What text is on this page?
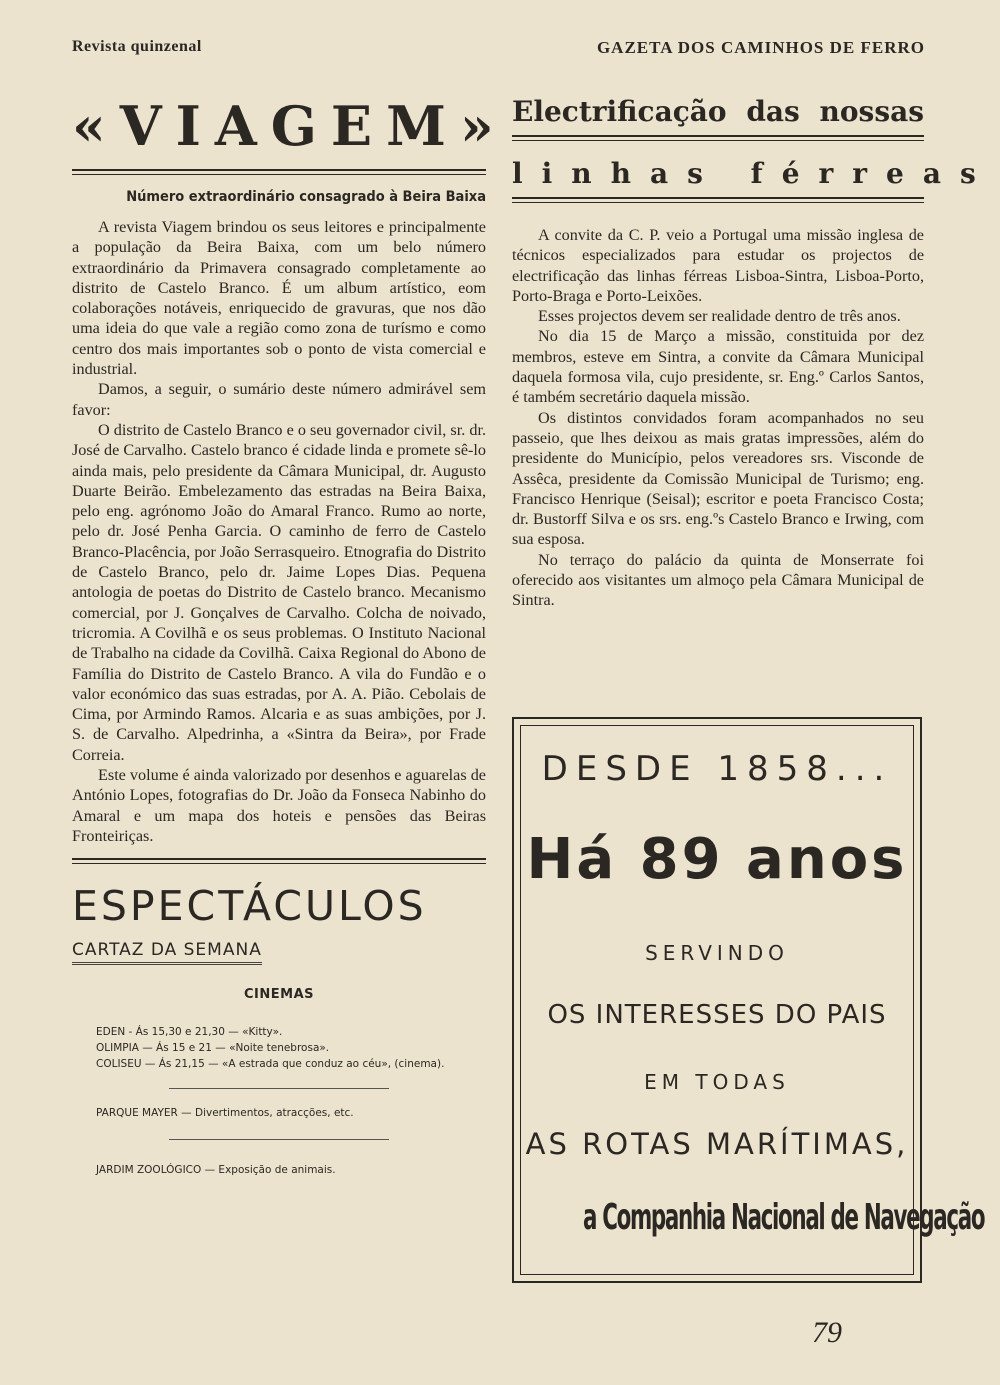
Revista quinzenal	GAZETA DOS CAMINHOS DE FERRO
«VIAGEM»
Número extraordinário consagrado à Beira Baixa

A revista Viagem brindou os seus leitores e principalmente a população da Beira Baixa, com um belo número extraordinário da Primavera consagrado completamente ao distrito de Castelo Branco. É um album artístico, eom colaborações notáveis, enriquecido de gravuras, que nos dão uma ideia do que vale a região como zona de turísmo e como centro dos mais importantes sob o ponto de vista comercial e industrial.

Damos, a seguir, o sumário deste número admirável sem favor:

O distrito de Castelo Branco e o seu governador civil, sr. dr. José de Carvalho. Castelo branco é cidade linda e promete sê-lo ainda mais, pelo presidente da Câmara Municipal, dr. Augusto Duarte Beirão. Embelezamento das estradas na Beira Baixa, pelo eng. agrónomo João do Amaral Franco. Rumo ao norte, pelo dr. José Penha Garcia. O caminho de ferro de Castelo Branco-Placência, por João Serrasqueiro. Etnografia do Distrito de Castelo Branco, pelo dr. Jaime Lopes Dias. Pequena antologia de poetas do Distrito de Castelo branco. Mecanismo comercial, por J. Gonçalves de Carvalho. Colcha de noivado, tricromia. A Covilhã e os seus problemas. O Instituto Nacional de Trabalho na cidade da Covilhã. Caixa Regional do Abono de Família do Distrito de Castelo Branco. A vila do Fundão e o valor económico das suas estradas, por A. A. Pião. Cebolais de Cima, por Armindo Ramos. Alcaria e as suas ambições, por J. S. de Carvalho. Alpedrinha, a «Sintra da Beira», por Frade Correia.

Este volume é ainda valorizado por desenhos e aguarelas de António Lopes, fotografias do Dr. João da Fonseca Nabinho do Amaral e um mapa dos hoteis e pensões das Beiras Fronteiriças.

ESPECTÁCULOS
CARTAZ DA SEMANA
CINEMAS
EDEN - Ás 15,30 e 21,30 — «Kitty».
OLIMPIA — Ás 15 e 21 — «Noite tenebrosa».
COLISEU — Ás 21,15 — «A estrada que conduz ao céu», (cinema).
PARQUE MAYER — Divertimentos, atracções, etc.
JARDIM ZOOLÓGICO — Exposição de animais.
Electrificação das nossas
linhas férreas

A convite da C. P. veio a Portugal uma missão inglesa de técnicos especializados para estudar os projectos de electrificação das linhas férreas Lisboa-Sintra, Lisboa-Porto, Porto-Braga e Porto-Leixões.

Esses projectos devem ser realidade dentro de três anos.

No dia 15 de Março a missão, constituida por dez membros, esteve em Sintra, a convite da Câmara Municipal daquela formosa vila, cujo presidente, sr. Eng.º Carlos Santos, é também secretário daquela missão.

Os distintos convidados foram acompanhados no seu passeio, que lhes deixou as mais gratas impressões, além do presidente do Município, pelos vereadores srs. Visconde de Assêca, presidente da Comissão Municipal de Turismo; eng. Francisco Henrique (Seisal); escritor e poeta Francisco Costa; dr. Bustorff Silva e os srs. eng.ºs Castelo Branco e Irwing, com sua esposa.

No terraço do palácio da quinta de Monserrate foi oferecido aos visitantes um almoço pela Câmara Municipal de Sintra.

DESDE 1858...
Há 89 anos
SERVINDO
OS INTERESSES DO PAIS
EM TODAS
AS ROTAS MARÍTIMAS,
a Companhia Nacional de Navegação
79
